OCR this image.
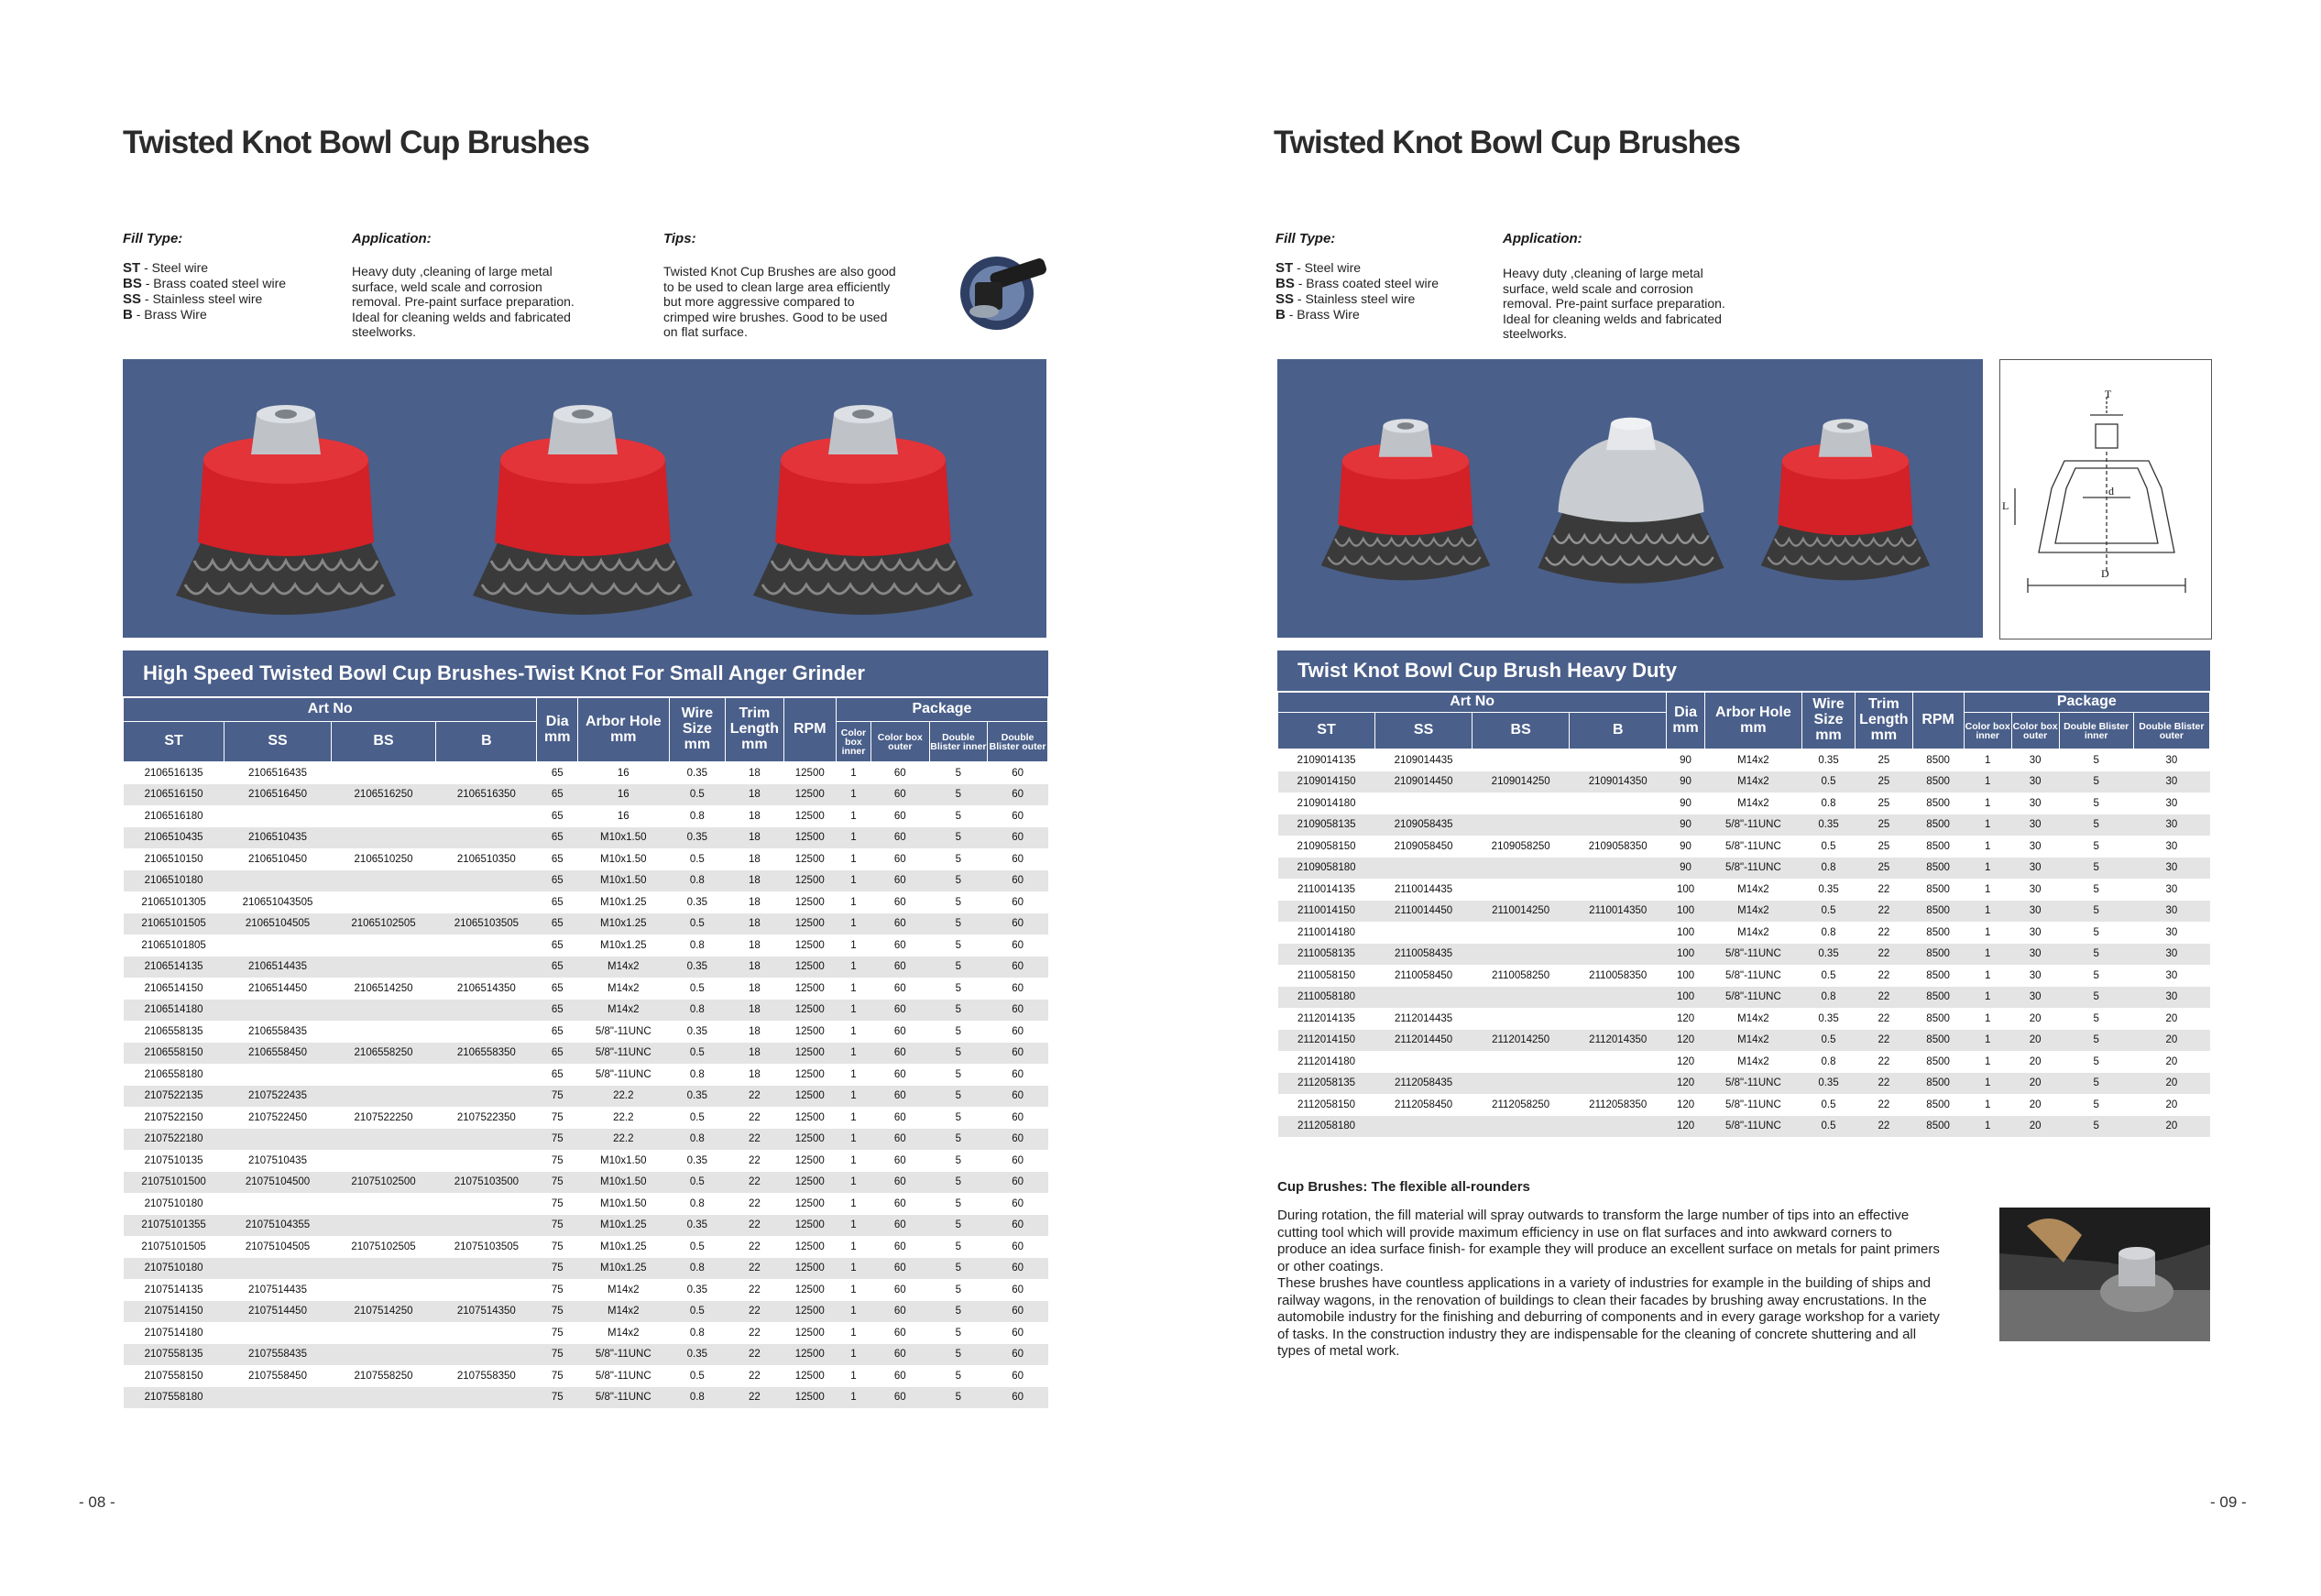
Twisted Knot Bowl Cup Brushes
Fill Type:	Application:	Tips:
ST - Steel wire
BS - Brass coated steel wire
SS - Stainless steel wire
B - Brass Wire
Heavy duty ,cleaning of large metal
surface, weld scale and corrosion
removal. Pre-paint surface preparation.
Ideal for cleaning welds and fabricated
steelworks.
Twisted Knot Cup Brushes are also good
to be used to clean large area efficiently
but more aggressive compared to
crimped wire brushes. Good to be used
on flat surface.
High Speed Twisted Bowl Cup Brushes-Twist Knot For Small Anger Grinder
Art No				Dia
mm	Arbor Hole
mm	Wire
Size
mm	Trim
Length
mm	RPM	Package			
ST	SS	BS	B						Color box inner	Color box outer	Double Blister inner	Double Blister outer
2106516135	2106516435			65	16	0.35	18	12500	1	60	5	60
2106516150	2106516450	2106516250	2106516350	65	16	0.5	18	12500	1	60	5	60
2106516180				65	16	0.8	18	12500	1	60	5	60
2106510435	2106510435			65	M10x1.50	0.35	18	12500	1	60	5	60
2106510150	2106510450	2106510250	2106510350	65	M10x1.50	0.5	18	12500	1	60	5	60
2106510180				65	M10x1.50	0.8	18	12500	1	60	5	60
21065101305	210651043505			65	M10x1.25	0.35	18	12500	1	60	5	60
21065101505	21065104505	21065102505	21065103505	65	M10x1.25	0.5	18	12500	1	60	5	60
21065101805				65	M10x1.25	0.8	18	12500	1	60	5	60
2106514135	2106514435			65	M14x2	0.35	18	12500	1	60	5	60
2106514150	2106514450	2106514250	2106514350	65	M14x2	0.5	18	12500	1	60	5	60
2106514180				65	M14x2	0.8	18	12500	1	60	5	60
2106558135	2106558435			65	5/8"-11UNC	0.35	18	12500	1	60	5	60
2106558150	2106558450	2106558250	2106558350	65	5/8"-11UNC	0.5	18	12500	1	60	5	60
2106558180				65	5/8"-11UNC	0.8	18	12500	1	60	5	60
2107522135	2107522435			75	22.2	0.35	22	12500	1	60	5	60
2107522150	2107522450	2107522250	2107522350	75	22.2	0.5	22	12500	1	60	5	60
2107522180				75	22.2	0.8	22	12500	1	60	5	60
2107510135	2107510435			75	M10x1.50	0.35	22	12500	1	60	5	60
21075101500	21075104500	21075102500	21075103500	75	M10x1.50	0.5	22	12500	1	60	5	60
2107510180				75	M10x1.50	0.8	22	12500	1	60	5	60
21075101355	21075104355			75	M10x1.25	0.35	22	12500	1	60	5	60
21075101505	21075104505	21075102505	21075103505	75	M10x1.25	0.5	22	12500	1	60	5	60
2107510180				75	M10x1.25	0.8	22	12500	1	60	5	60
2107514135	2107514435			75	M14x2	0.35	22	12500	1	60	5	60
2107514150	2107514450	2107514250	2107514350	75	M14x2	0.5	22	12500	1	60	5	60
2107514180				75	M14x2	0.8	22	12500	1	60	5	60
2107558135	2107558435			75	5/8"-11UNC	0.35	22	12500	1	60	5	60
2107558150	2107558450	2107558250	2107558350	75	5/8"-11UNC	0.5	22	12500	1	60	5	60
2107558180				75	5/8"-11UNC	0.8	22	12500	1	60	5	60
- 08 -
Twisted Knot Bowl Cup Brushes
Fill Type:	Application:
ST - Steel wire
BS - Brass coated steel wire
SS - Stainless steel wire
B - Brass Wire
Heavy duty ,cleaning of large metal
surface, weld scale and corrosion
removal. Pre-paint surface preparation.
Ideal for cleaning welds and fabricated
steelworks.
T
d
L
D
Twist Knot Bowl Cup Brush Heavy Duty
Art No				Dia
mm	Arbor Hole
mm	Wire
Size
mm	Trim
Length
mm	RPM	Package			
ST	SS	BS	B						Color box inner	Color box outer	Double Blister inner	Double Blister outer
2109014135	2109014435			90	M14x2	0.35	25	8500	1	30	5	30
2109014150	2109014450	2109014250	2109014350	90	M14x2	0.5	25	8500	1	30	5	30
2109014180				90	M14x2	0.8	25	8500	1	30	5	30
2109058135	2109058435			90	5/8"-11UNC	0.35	25	8500	1	30	5	30
2109058150	2109058450	2109058250	2109058350	90	5/8"-11UNC	0.5	25	8500	1	30	5	30
2109058180				90	5/8"-11UNC	0.8	25	8500	1	30	5	30
2110014135	2110014435			100	M14x2	0.35	22	8500	1	30	5	30
2110014150	2110014450	2110014250	2110014350	100	M14x2	0.5	22	8500	1	30	5	30
2110014180				100	M14x2	0.8	22	8500	1	30	5	30
2110058135	2110058435			100	5/8"-11UNC	0.35	22	8500	1	30	5	30
2110058150	2110058450	2110058250	2110058350	100	5/8"-11UNC	0.5	22	8500	1	30	5	30
2110058180				100	5/8"-11UNC	0.8	22	8500	1	30	5	30
2112014135	2112014435			120	M14x2	0.35	22	8500	1	20	5	20
2112014150	2112014450	2112014250	2112014350	120	M14x2	0.5	22	8500	1	20	5	20
2112014180				120	M14x2	0.8	22	8500	1	20	5	20
2112058135	2112058435			120	5/8"-11UNC	0.35	22	8500	1	20	5	20
2112058150	2112058450	2112058250	2112058350	120	5/8"-11UNC	0.5	22	8500	1	20	5	20
2112058180				120	5/8"-11UNC	0.5	22	8500	1	20	5	20
Cup Brushes: The flexible all-rounders
During rotation, the fill material will spray outwards to transform the large number of tips into an effective
cutting tool which will provide maximum efficiency in use on flat surfaces and into awkward corners to
produce an idea surface finish- for example they will produce an excellent surface on metals for paint primers
or other coatings.
These brushes have countless applications in a variety of industries for example in the building of ships and
railway wagons, in the renovation of buildings to clean their facades by brushing away encrustations. In the
automobile industry for the finishing and deburring of components and in every garage workshop for a variety
of tasks. In the construction industry they are indispensable for the cleaning of concrete shuttering and all
types of metal work.
- 09 -
